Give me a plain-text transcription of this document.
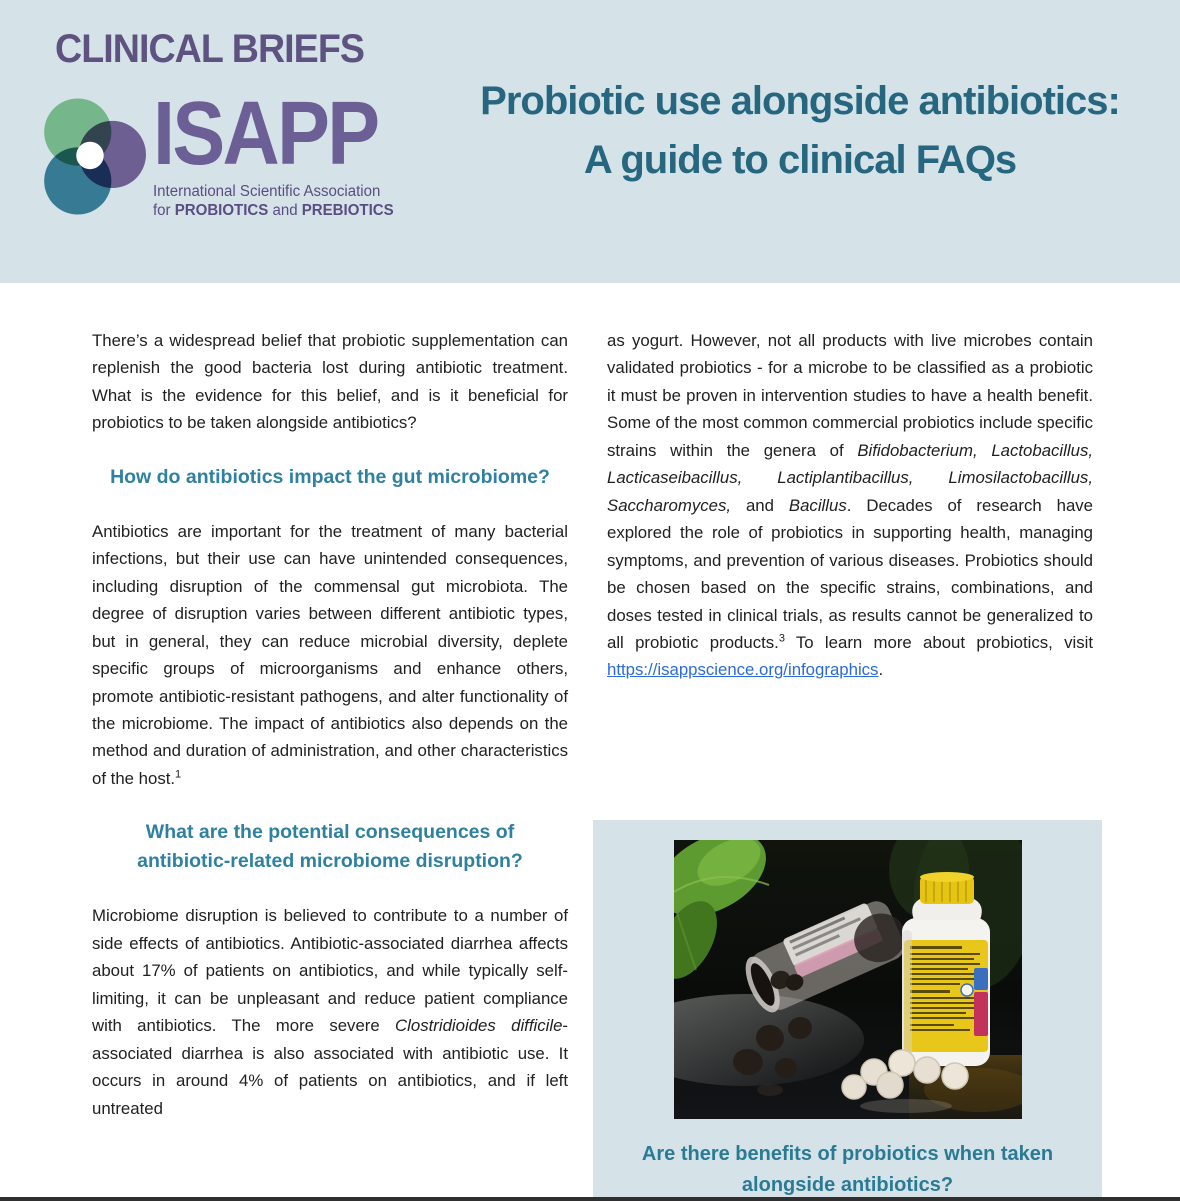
CLINICAL BRIEFS
ISAPP
International Scientific Association
for PROBIOTICS and PREBIOTICS
Probiotic use alongside antibiotics:
A guide to clinical FAQs

There’s a widespread belief that probiotic supplementation can replenish the good bacteria lost during antibiotic treatment. What is the evidence for this belief, and is it beneficial for probiotics to be taken alongside antibiotics?

How do antibiotics impact the gut microbiome?

Antibiotics are important for the treatment of many bacterial infections, but their use can have unintended consequences, including disruption of the commensal gut microbiota. The degree of disruption varies between different antibiotic types, but in general, they can reduce microbial diversity, deplete specific groups of microorganisms and enhance others, promote antibiotic-resistant pathogens, and alter functionality of the microbiome. The impact of antibiotics also depends on the method and duration of administration, and other characteristics of the host.$^1$

What are the potential consequences of antibiotic-related microbiome disruption?

Microbiome disruption is believed to contribute to a number of side effects of antibiotics. Antibiotic-associated diarrhea affects about 17% of patients on antibiotics, and while typically self-limiting, it can be unpleasant and reduce patient compliance with antibiotics. The more severe Clostridioides difficile-associated diarrhea is also associated with antibiotic use. It occurs in around 4% of patients on antibiotics, and if left untreated

as yogurt. However, not all products with live microbes contain validated probiotics - for a microbe to be classified as a probiotic it must be proven in intervention studies to have a health benefit. Some of the most common commercial probiotics include specific strains within the genera of Bifidobacterium, Lactobacillus, Lacticaseibacillus, Lactiplantibacillus, Limosilactobacillus, Saccharomyces, and Bacillus. Decades of research have explored the role of probiotics in supporting health, managing symptoms, and prevention of various diseases. Probiotics should be chosen based on the specific strains, combinations, and doses tested in clinical trials, as results cannot be generalized to all probiotic products.$^3$ To learn more about probiotics, visit https://isappscience.org/infographics.

Are there benefits of probiotics when taken alongside antibiotics?
